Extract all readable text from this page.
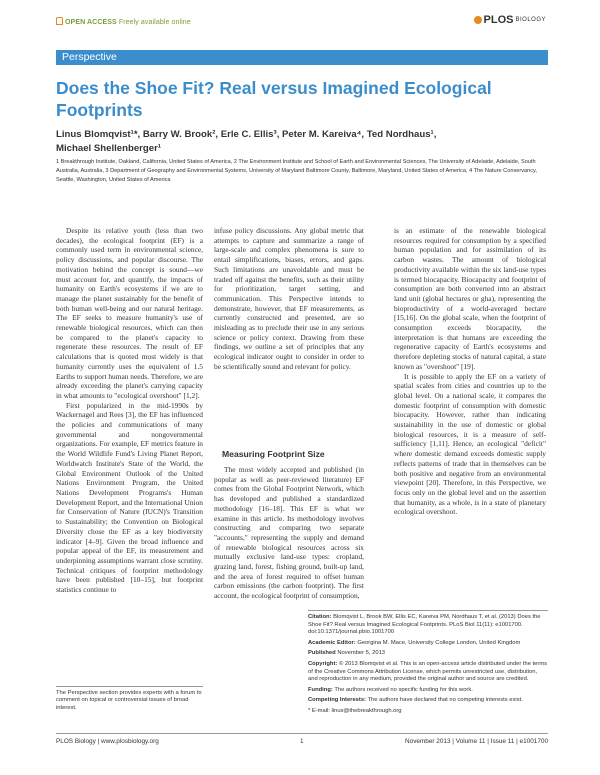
OPEN ACCESS Freely available online	PLOS $^{BIOLOGY}$
Perspective
Does the Shoe Fit? Real versus Imagined Ecological Footprints
Linus Blomqvist¹*, Barry W. Brook², Erle C. Ellis³, Peter M. Kareiva⁴, Ted Nordhaus¹,
Michael Shellenberger¹
1 Breakthrough Institute, Oakland, California, United States of America, 2 The Environment Institute and School of Earth and Environmental Sciences, The University of Adelaide, Adelaide, South Australia, Australia, 3 Department of Geography and Environmental Systems, University of Maryland Baltimore County, Baltimore, Maryland, United States of America, 4 The Nature Conservancy, Seattle, Washington, United States of America

Despite its relative youth (less than two decades), the ecological footprint (EF) is a commonly used term in environmental science, policy discussions, and popular discourse. The motivation behind the concept is sound—we must account for, and quantify, the impacts of humanity on Earth's ecosystems if we are to manage the planet sustainably for the benefit of both human well-being and our natural heritage. The EF seeks to measure humanity's use of renewable biological resources, which can then be compared to the planet's capacity to regenerate these resources. The result of EF calculations that is quoted most widely is that humanity currently uses the equivalent of 1.5 Earths to support human needs. Therefore, we are already exceeding the planet's carrying capacity in what amounts to "ecological overshoot" [1,2].

First popularized in the mid-1990s by Wackernagel and Rees [3], the EF has influenced the policies and communications of many governmental and nongovernmental organizations. For example, EF metrics feature in the World Wildlife Fund's Living Planet Report, Worldwatch Institute's State of the World, the Global Environment Outlook of the United Nations Environment Program, the United Nations Development Programs's Human Development Report, and the International Union for Conservation of Nature (IUCN)'s Transition to Sustainability; the Convention on Biological Diversity chose the EF as a key biodiversity indicator [4–9]. Given the broad influence and popular appeal of the EF, its measurement and underpinning assumptions warrant close scrutiny. Technical critiques of footprint methodology have been published [10–15], but footprint statistics continue to

infuse policy discussions. Any global metric that attempts to capture and summarize a range of large-scale and complex phenomena is sure to entail simplifications, biases, errors, and gaps. Such limitations are unavoidable and must be traded off against the benefits, such as their utility for prioritization, target setting, and communication. This Perspective intends to demonstrate, however, that EF measurements, as currently constructed and presented, are so misleading as to preclude their use in any serious science or policy context. Drawing from these findings, we outline a set of principles that any ecological indicator ought to consider in order to be scientifically sound and relevant for policy.

Measuring Footprint Size

The most widely accepted and published (in popular as well as peer-reviewed literature) EF comes from the Global Footprint Network, which has developed and published a standardized methodology [16–18]. This EF is what we examine in this article. Its methodology involves constructing and comparing two separate "accounts," representing the supply and demand of renewable biological resources across six mutually exclusive land-use types: cropland, grazing land, forest, fishing ground, built-up land, and the area of forest required to offset human carbon emissions (the carbon footprint). The first account, the ecological footprint of consumption,

is an estimate of the renewable biological resources required for consumption by a specified human population and for assimilation of its carbon wastes. The amount of biological productivity available within the six land-use types is termed biocapacity. Biocapacity and footprint of consumption are both converted into an abstract land unit (global hectares or gha), representing the bioproductivity of a world-averaged hectare [15,16]. On the global scale, when the footprint of consumption exceeds biocapacity, the interpretation is that humans are exceeding the regenerative capacity of Earth's ecosystems and therefore depleting stocks of natural capital, a state known as "overshoot" [19].

It is possible to apply the EF on a variety of spatial scales from cities and countries up to the global level. On a national scale, it compares the domestic footprint of consumption with domestic biocapacity. However, rather than indicating sustainability in the use of domestic or global biological resources, it is a measure of self-sufficiency [1,11]. Hence, an ecological "deficit" where domestic demand exceeds domestic supply reflects patterns of trade that in themselves can be both positive and negative from an environmental viewpoint [20]. Therefore, in this Perspective, we focus only on the global level and on the assertion that humanity, as a whole, is in a state of planetary ecological overshoot.

The Perspective section provides experts with a forum to comment on topical or controversial issues of broad interest.

Citation: Blomqvist L, Brook BW, Ellis EC, Kareiva PM, Nordhaus T, et al. (2013) Does the Shoe Fit? Real versus Imagined Ecological Footprints. PLoS Biol 11(11): e1001700. doi:10.1371/journal.pbio.1001700

Academic Editor: Georgina M. Mace, University College London, United Kingdom

Published November 5, 2013

Copyright: © 2013 Blomqvist et al. This is an open-access article distributed under the terms of the Creative Commons Attribution License, which permits unrestricted use, distribution, and reproduction in any medium, provided the original author and source are credited.

Funding: The authors received no specific funding for this work.

Competing Interests: The authors have declared that no competing interests exist.

* E-mail: linus@thebreakthrough.org

PLOS Biology | www.plosbiology.org	1	November 2013 | Volume 11 | Issue 11 | e1001700
